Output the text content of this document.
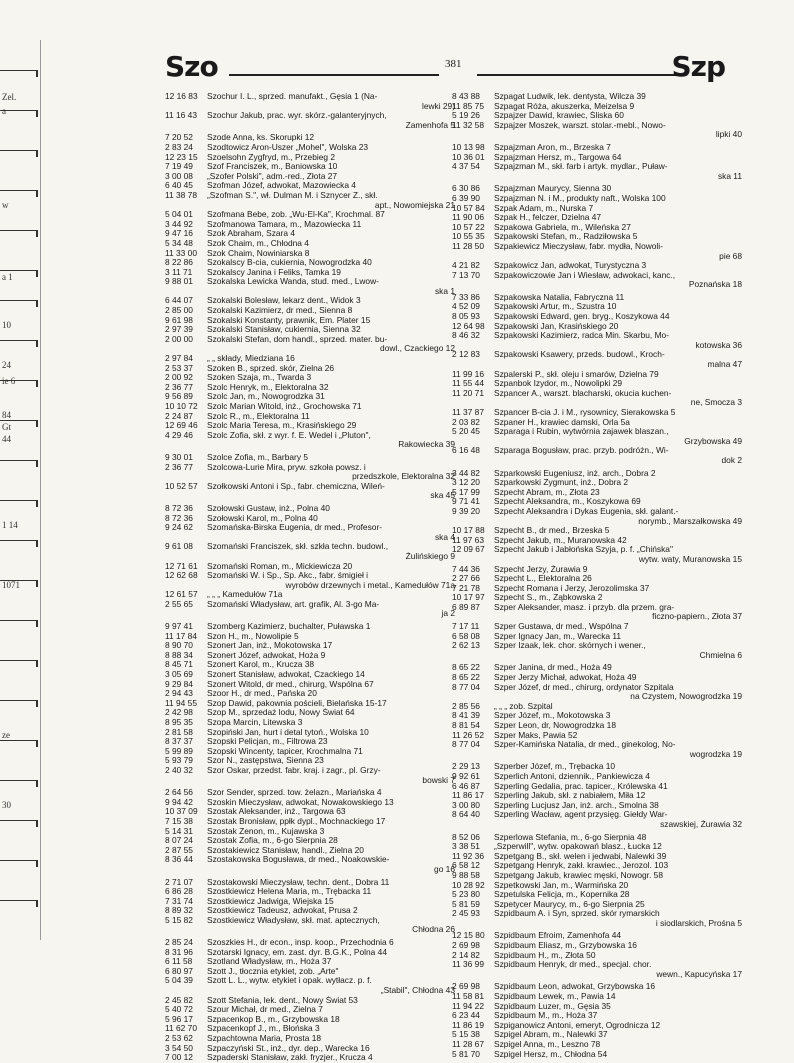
Zel.
a
w
a 1
10
24
ie 6
84
Gt
44
1 14
1071
ze
30
Szo	381	Szp
12 16 83	Szochur I. L., sprzed. manufakt., Gęsia 1 (Na-
lewki 29)
11 16 43	Szochur Jakub, prac. wyr. skórz.-galanteryjnych,
Zamenhofa 5
7 20 52	Szode Anna, ks. Skorupki 12
2 83 24	Szodtowicz Aron-Uszer „Mohel", Wolska 23
12 23 15	Szoelsohn Zygfryd, m., Przebieg 2
7 19 49	Szof Franciszek, m., Baniowska 10
3 00 08	„Szofer Polski", adm.-red., Złota 27
6 40 45	Szofman Józef, adwokat, Mazowiecka 4
11 38 78	„Szofman S.", wł. Dulman M. i Sznycer Z., skł.
apt., Nowomiejska 21
5 04 01	Szofmana Bebe, zob. „Wu-El-Ka", Krochmal. 87
3 44 92	Szofmanowa Tamara, m., Mazowiecka 11
9 47 16	Szok Abraham, Szara 4
5 34 48	Szok Chaim, m., Chłodna 4
11 33 00	Szok Chaim, Nowiniarska 8
8 22 86	Szokalscy B-cia, cukiernia, Nowogrodzka 40
3 11 71	Szokalscy Janina i Feliks, Tamka 19
9 88 01	Szokalska Lewicka Wanda, stud. med., Lwow-
ska 1
6 44 07	Szokalski Bolesław, lekarz dent., Widok 3
2 85 00	Szokalski Kazimierz, dr med., Sienna 8
9 61 98	Szokalski Konstanty, prawnik, Em. Plater 15
2 97 39	Szokalski Stanisław, cukiernia, Sienna 32
2 00 00	Szokalski Stefan, dom handl., sprzed. mater. bu-
dowl., Czackiego 12
2 97 84	„ „ składy, Miedziana 16
2 53 37	Szoken B., sprzed. skór, Zielna 26
2 00 92	Szoken Szaja, m., Twarda 3
2 36 77	Szolc Henryk, m., Elektoralna 32
9 56 89	Szolc Jan, m., Nowogrodzka 31
10 10 72	Szolc Marian Witold, inż., Grochowska 71
2 24 87	Szolc R., m., Elektoralna 11
12 69 46	Szolc Maria Teresa, m., Krasińskiego 29
4 29 46	Szolc Zofia, skł. z wyr. f. E. Wedel i „Pluton",
Rakowiecka 39
9 30 01	Szolce Zofia, m., Barbary 5
2 36 77	Szolcowa-Lurie Mira, pryw. szkoła powsz. i
przedszkole, Elektoralna 32
10 52 57	Szołkowski Antoni i Sp., fabr. chemiczna, Wileń-
ska 45
8 72 36	Szołowski Gustaw, inż., Polna 40
8 72 36	Szołowski Karol, m., Polna 40
9 24 62	Szomańska-Birska Eugenia, dr med., Profesor-
ska 4
9 61 08	Szomański Franciszek, skł. szkła techn. budowl.,
Żulińskiego 9
12 71 61	Szomański Roman, m., Mickiewicza 20
12 62 68	Szomański W. i Sp., Sp. Akc., fabr. śmigieł i
wyrobów drzewnych i metal., Kamedułów 71a
12 61 57	„ „ „ Kamedułów 71a
2 55 65	Szomański Władysław, art. grafik, Al. 3-go Ma-
ja 2
9 97 41	Szomberg Kazimierz, buchalter, Puławska 1
11 17 84	Szon H., m., Nowolipie 5
8 90 70	Szonert Jan, inż., Mokotowska 17
8 88 34	Szonert Józef, adwokat, Hoża 9
8 45 71	Szonert Karol, m., Krucza 38
3 05 69	Szonert Stanisław, adwokat, Czackiego 14
9 29 84	Szonert Witold, dr med., chirurg, Wspólna 67
2 94 43	Szoor H., dr med., Pańska 20
11 94 55	Szop Dawid, pakownia pościeli, Bielańska 15-17
2 42 98	Szop M., sprzedaż lodu, Nowy Świat 64
8 95 35	Szopa Marcin, Litewska 3
2 81 58	Szopiński Jan, hurt i detal tytoń., Wolska 10
8 37 37	Szopski Pelicjan, m., Filtrowa 23
5 99 89	Szopski Wincenty, tapicer, Krochmalna 71
5 93 79	Szor N., zastępstwa, Sienna 23
2 40 32	Szor Oskar, przedst. fabr. kraj. i zagr., pl. Grzy-
bowski 7
2 64 56	Szor Sender, sprzed. tow. żelazn., Mariańska 4
9 94 42	Szoskin Mieczysław, adwokat, Nowakowskiego 13
10 37 09	Szostak Aleksander, inż., Targowa 63
7 15 38	Szostak Bronisław, ppłk dypl., Mochnackiego 17
5 14 31	Szostak Zenon, m., Kujawska 3
8 07 24	Szostak Zofia, m., 6-go Sierpnia 28
2 87 55	Szostakiewicz Stanisław, handl., Zielna 20
8 36 44	Szostakowska Bogusława, dr med., Noakowskie-
go 16
2 71 07	Szostakowski Mieczysław, techn. dent., Dobra 11
6 86 28	Szostkiewicz Helena Maria, m., Trębacka 11
7 31 74	Szostkiewicz Jadwiga, Wiejska 15
8 89 32	Szostkiewicz Tadeusz, adwokat, Prusa 2
5 15 82	Szostkiewicz Władysław, skł. mat. aptecznych,
Chłodna 26
2 85 24	Szoszkies H., dr econ., insp. koop., Przechodnia 6
8 31 96	Szotarski Ignacy, em. zast. dyr. B.G.K., Polna 44
6 11 58	Szotland Władysław, m., Hoża 37
6 80 97	Szott J., tłocznia etykiet, zob. „Arte"
5 04 39	Szott L. L., wytw. etykiet i opak. wytłacz. p. f.
„Stabil", Chłodna 43
2 45 82	Szott Stefania, lek. dent., Nowy Świat 53
5 40 72	Szour Michał, dr med., Zielna 7
5 96 17	Szpacenkop B., m., Grzybowska 18
11 62 70	Szpacenkopf J., m., Błońska 3
2 53 62	Szpachtowna Maria, Prosta 18
3 54 50	Szpaczyński St., inż., dyr. dep., Warecka 16
7 00 12	Szpaderski Stanisław, zakł. fryzjer., Krucza 4
8 43 88	Szpagat Ludwik, lek. dentysta, Wilcza 39
11 85 75	Szpagat Róża, akuszerka, Meizelsa 9
5 19 26	Szpajzer Dawid, krawiec, Śliska 60
11 32 58	Szpajzer Moszek, warszt. stolar.-mebl., Nowo-
lipki 40
10 13 98	Szpajzman Aron, m., Brzeska 7
10 36 01	Szpajzman Hersz, m., Targowa 64
4 37 54	Szpajzman M., skł. farb i artyk. mydlar., Puław-
ska 11
6 30 86	Szpajzman Maurycy, Sienna 30
6 39 90	Szpajzman N. i M., produkty naft., Wolska 100
10 57 84	Szpak Adam, m., Nurska 7
11 90 06	Szpak H., felczer, Dzielna 47
10 57 22	Szpakowa Gabriela, m., Wileńska 27
10 55 35	Szpakowski Stefan, m., Radziłowska 5
11 28 50	Szpakiewicz Mieczysław, fabr. mydła, Nowoli-
pie 68
4 21 82	Szpakowicz Jan, adwokat, Turystyczna 3
7 13 70	Szpakowiczowie Jan i Wiesław, adwokaci, kanc.,
Poznańska 18
7 33 86	Szpakowska Natalia, Fabryczna 11
4 52 09	Szpakowski Artur, m., Szustra 10
8 05 93	Szpakowski Edward, gen. bryg., Koszykowa 44
12 64 98	Szpakowski Jan, Krasińskiego 20
8 46 32	Szpakowski Kazimierz, radca Min. Skarbu, Mo-
kotowska 36
2 12 83	Szpakowski Ksawery, przeds. budowl., Kroch-
malna 47
11 99 16	Szpalerski P., skł. oleju i smarów, Dzielna 79
11 55 44	Szpanbok Izydor, m., Nowolipki 29
11 20 71	Szpancer A., warszt. blacharski, okucia kuchen-
ne, Smocza 3
11 37 87	Szpancer B-cia J. i M., rysownicy, Sierakowska 5
2 03 82	Szpaner H., krawiec damski, Orla 5a
5 20 45	Szparaga i Rubin, wytwórnia zajawek blaszan.,
Grzybowska 49
6 16 48	Szparaga Bogusław, prac. przyb. podróżn., Wi-
dok 2
3 44 82	Szparkowski Eugeniusz, inż. arch., Dobra 2
3 12 20	Szparkowski Zygmunt, inż., Dobra 2
5 17 99	Szpecht Abram, m., Złota 23
9 71 41	Szpecht Aleksandra, m., Koszykowa 69
9 39 20	Szpecht Aleksandra i Dykas Eugenia, skł. galant.-
norymb., Marszałkowska 49
10 17 88	Szpecht B., dr med., Brzeska 5
11 97 63	Szpecht Jakub, m., Muranowska 42
12 09 67	Szpecht Jakub i Jabłońska Szyja, p. f. „Chińska"
wytw. waty, Muranowska 15
7 44 36	Szpecht Jerzy, Żurawia 9
2 27 66	Szpecht L., Elektoralna 26
7 21 78	Szpecht Romana i Jerzy, Jerozolimska 37
10 17 97	Szpecht S., m., Ząbkowska 2
6 89 87	Szper Aleksander, masz. i przyb. dla przem. gra-
ficzno-papiern., Złota 37
7 17 11	Szper Gustawa, dr med., Wspólna 7
6 58 08	Szper Ignacy Jan, m., Warecka 11
2 62 13	Szper Izaak, lek. chor. skórnych i wener.,
Chmielna 6
8 65 22	Szper Janina, dr med., Hoża 49
8 65 22	Szper Jerzy Michał, adwokat, Hoża 49
8 77 04	Szper Józef, dr med., chirurg, ordynator Szpitala
na Czystem, Nowogrodzka 19
2 85 56	„ „ „ zob. Szpital
8 41 39	Szper Józef, m., Mokotowska 3
8 81 54	Szper Leon, dr, Nowogrodzka 18
11 26 52	Szper Maks, Pawia 52
8 77 04	Szper-Kamińska Natalia, dr med., ginekolog, No-
wogrodzka 19
2 29 13	Szperber Józef, m., Trębacka 10
9 92 61	Szperlich Antoni, dziennik., Pankiewicza 4
6 46 87	Szperling Gedalia, prac. tapicer., Królewska 41
11 86 17	Szperling Jakub, skł. z nabiałem, Miła 12
3 00 80	Szperling Lucjusz Jan, inż. arch., Smolna 38
8 64 40	Szperling Wacław, agent przysięg. Giełdy War-
szawskiej, Żurawia 32
8 52 06	Szperlowa Stefania, m., 6-go Sierpnia 48
3 38 51	„Szperwill", wytw. opakowań blasz., Łucka 12
11 92 36	Szpetgang B., skł. welen i jedwabi, Nalewki 39
6 58 12	Szpetgang Henryk, zakł. krawiec., Jerozol. 103
9 88 58	Szpetgang Jakub, krawiec męski, Nowogr. 58
10 28 92	Szpetkowski Jan, m., Warmińska 20
5 23 80	Szpetulska Felicja, m., Kopernika 28
5 81 59	Szpetycer Maurycy, m., 6-go Sierpnia 25
2 45 93	Szpidbaum A. i Syn, sprzed. skór rymarskich
i siodlarskich, Prośna 5
12 15 80	Szpidbaum Efroim, Zamenhofa 44
2 69 98	Szpidbaum Eliasz, m., Grzybowska 16
2 14 82	Szpidbaum H., m., Złota 50
11 36 99	Szpidbaum Henryk, dr med., specjal. chor.
wewn., Kapucyńska 17
2 69 98	Szpidbaum Leon, adwokat, Grzybowska 16
11 58 81	Szpidbaum Lewek, m., Pawia 14
11 94 22	Szpidbaum Luzer, m., Gęsia 35
6 23 44	Szpidbaum M., m., Hoża 37
11 86 19	Szpiganowicz Antoni, emeryt, Ogrodnicza 12
5 15 38	Szpigel Abram, m., Nalewki 37
11 28 67	Szpigel Anna, m., Leszno 78
5 81 70	Szpigel Hersz, m., Chłodna 54
